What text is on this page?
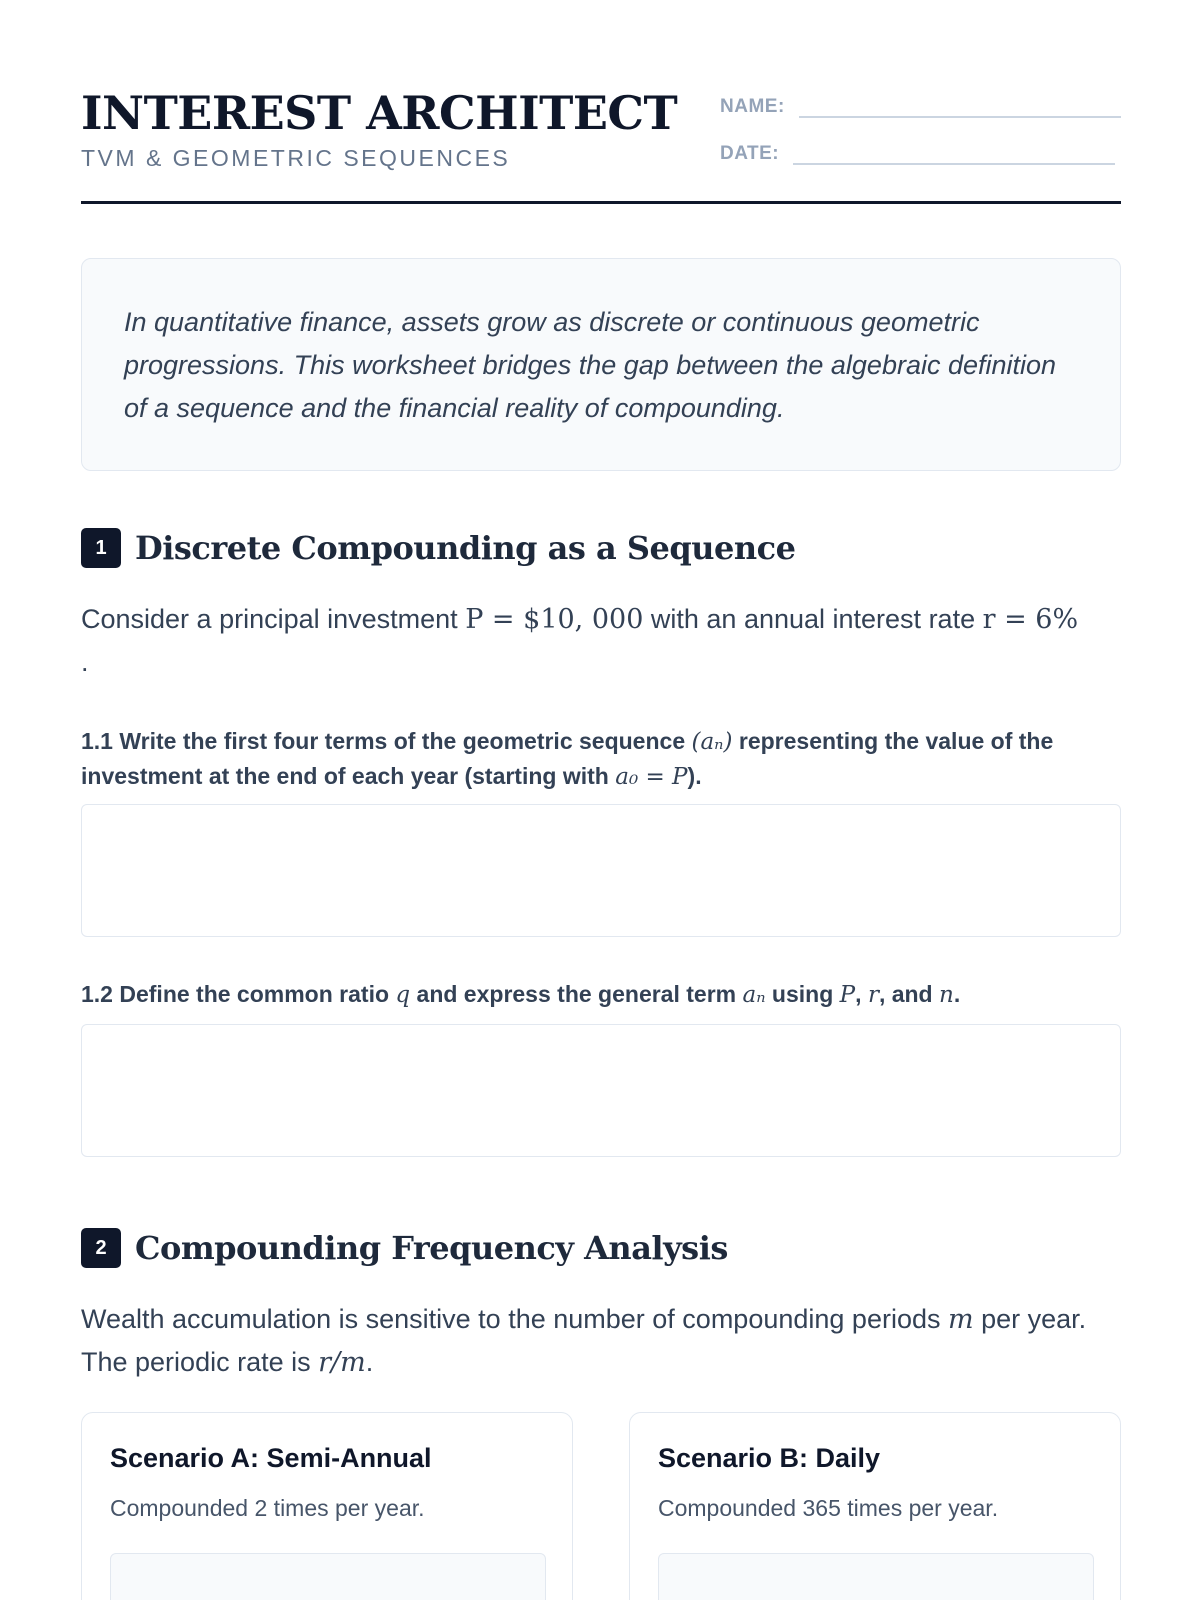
INTEREST ARCHITECT
TVM & GEOMETRIC SEQUENCES
NAME:
DATE:

In quantitative finance, assets grow as discrete or continuous geometric progressions. This worksheet bridges the gap between the algebraic definition of a sequence and the financial reality of compounding.

1 Discrete Compounding as a Sequence
Consider a principal investment P = $10, 000 with an annual interest rate r = 6%
.
1.1 Write the first four terms of the geometric sequence (aₙ) representing the value of the investment at the end of each year (starting with a₀ = P).
1.2 Define the common ratio q and express the general term aₙ using P, r, and n.
2 Compounding Frequency Analysis
Wealth accumulation is sensitive to the number of compounding periods m per year. The periodic rate is r/m.
Scenario A: Semi-Annual
Compounded 2 times per year.
Scenario B: Daily
Compounded 365 times per year.
